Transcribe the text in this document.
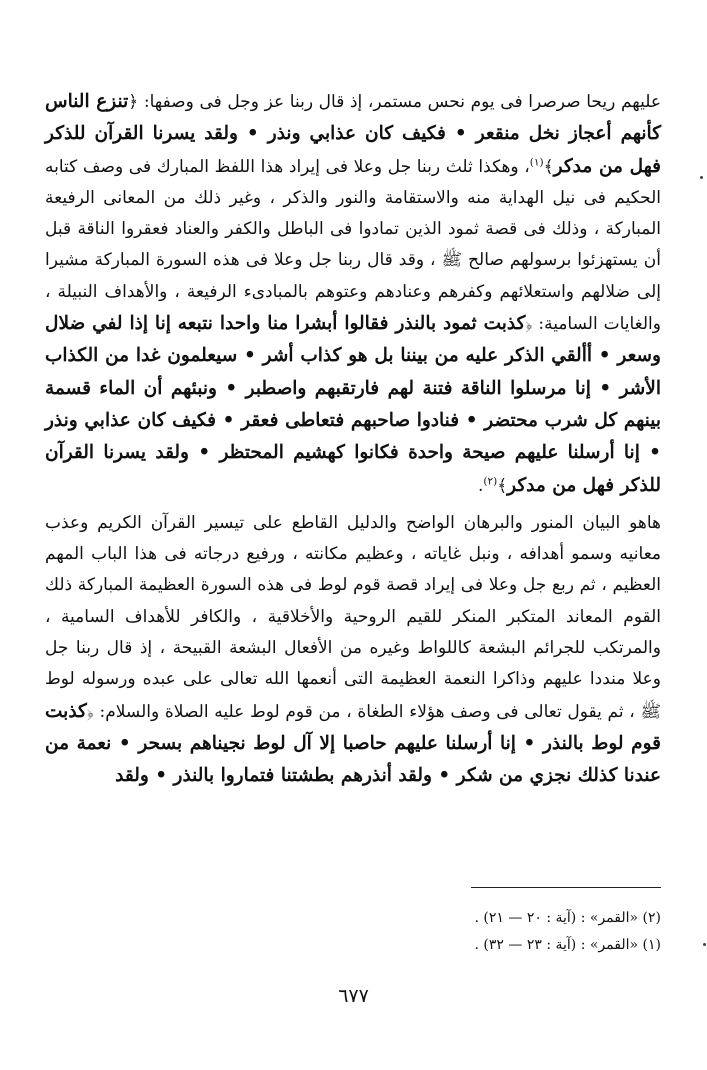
عليهم ريحا صرصرا فى يوم نحس مستمر، إذ قال ربنا عز وجل فى وصفها: ﴿تنزع الناس كأنهم أعجاز نخل منقعر • فكيف كان عذابي ونذر • ولقد يسرنا القرآن للذكر فهل من مدكر﴾$^{(١)}$، وهكذا ثلث ربنا جل وعلا فى إيراد هذا اللفظ المبارك فى وصف كتابه الحكيم فى نيل الهداية منه والاستقامة والنور والذكر ، وغير ذلك من المعانى الرفيعة المباركة ، وذلك فى قصة ثمود الذين تمادوا فى الباطل والكفر والعناد فعقروا الناقة قبل أن يستهزئوا برسولهم صالح ﷺ ، وقد قال ربنا جل وعلا فى هذه السورة المباركة مشيرا إلى ضلالهم واستعلائهم وكفرهم وعنادهم وعتوهم بالمبادىء الرفيعة ، والأهداف النبيلة ، والغايات السامية: ﴿كذبت ثمود بالنذر فقالوا أبشرا منا واحدا نتبعه إنا إذا لفي ضلال وسعر • أألقي الذكر عليه من بيننا بل هو كذاب أشر • سيعلمون غدا من الكذاب الأشر • إنا مرسلوا الناقة فتنة لهم فارتقبهم واصطبر • ونبئهم أن الماء قسمة بينهم كل شرب محتضر • فنادوا صاحبهم فتعاطى فعقر • فكيف كان عذابي ونذر • إنا أرسلنا عليهم صيحة واحدة فكانوا كهشيم المحتظر • ولقد يسرنا القرآن للذكر فهل من مدكر﴾$^{(٢)}$.

هاهو البيان المنور والبرهان الواضح والدليل القاطع على تيسير القرآن الكريم وعذب معانيه وسمو أهدافه ، ونبل غاياته ، وعظيم مكانته ، ورفيع درجاته فى هذا الباب المهم العظيم ، ثم ربع جل وعلا فى إيراد قصة قوم لوط فى هذه السورة العظيمة المباركة ذلك القوم المعاند المتكبر المنكر للقيم الروحية والأخلاقية ، والكافر للأهداف السامية ، والمرتكب للجرائم البشعة كاللواط وغيره من الأفعال البشعة القبيحة ، إذ قال ربنا جل وعلا منددا عليهم وذاكرا النعمة العظيمة التى أنعمها الله تعالى على عبده ورسوله لوط ﷺ ، ثم يقول تعالى فى وصف هؤلاء الطغاة ، من قوم لوط عليه الصلاة والسلام: ﴿كذبت قوم لوط بالنذر • إنا أرسلنا عليهم حاصبا إلا آل لوط نجيناهم بسحر • نعمة من عندنا كذلك نجزي من شكر • ولقد أنذرهم بطشتنا فتماروا بالنذر • ولقد

(٢) «القمر» : (آية : ٢٠ — ٢١) .

(١) «القمر» : (آية : ٢٣ — ٣٢) .

٦٧٧
